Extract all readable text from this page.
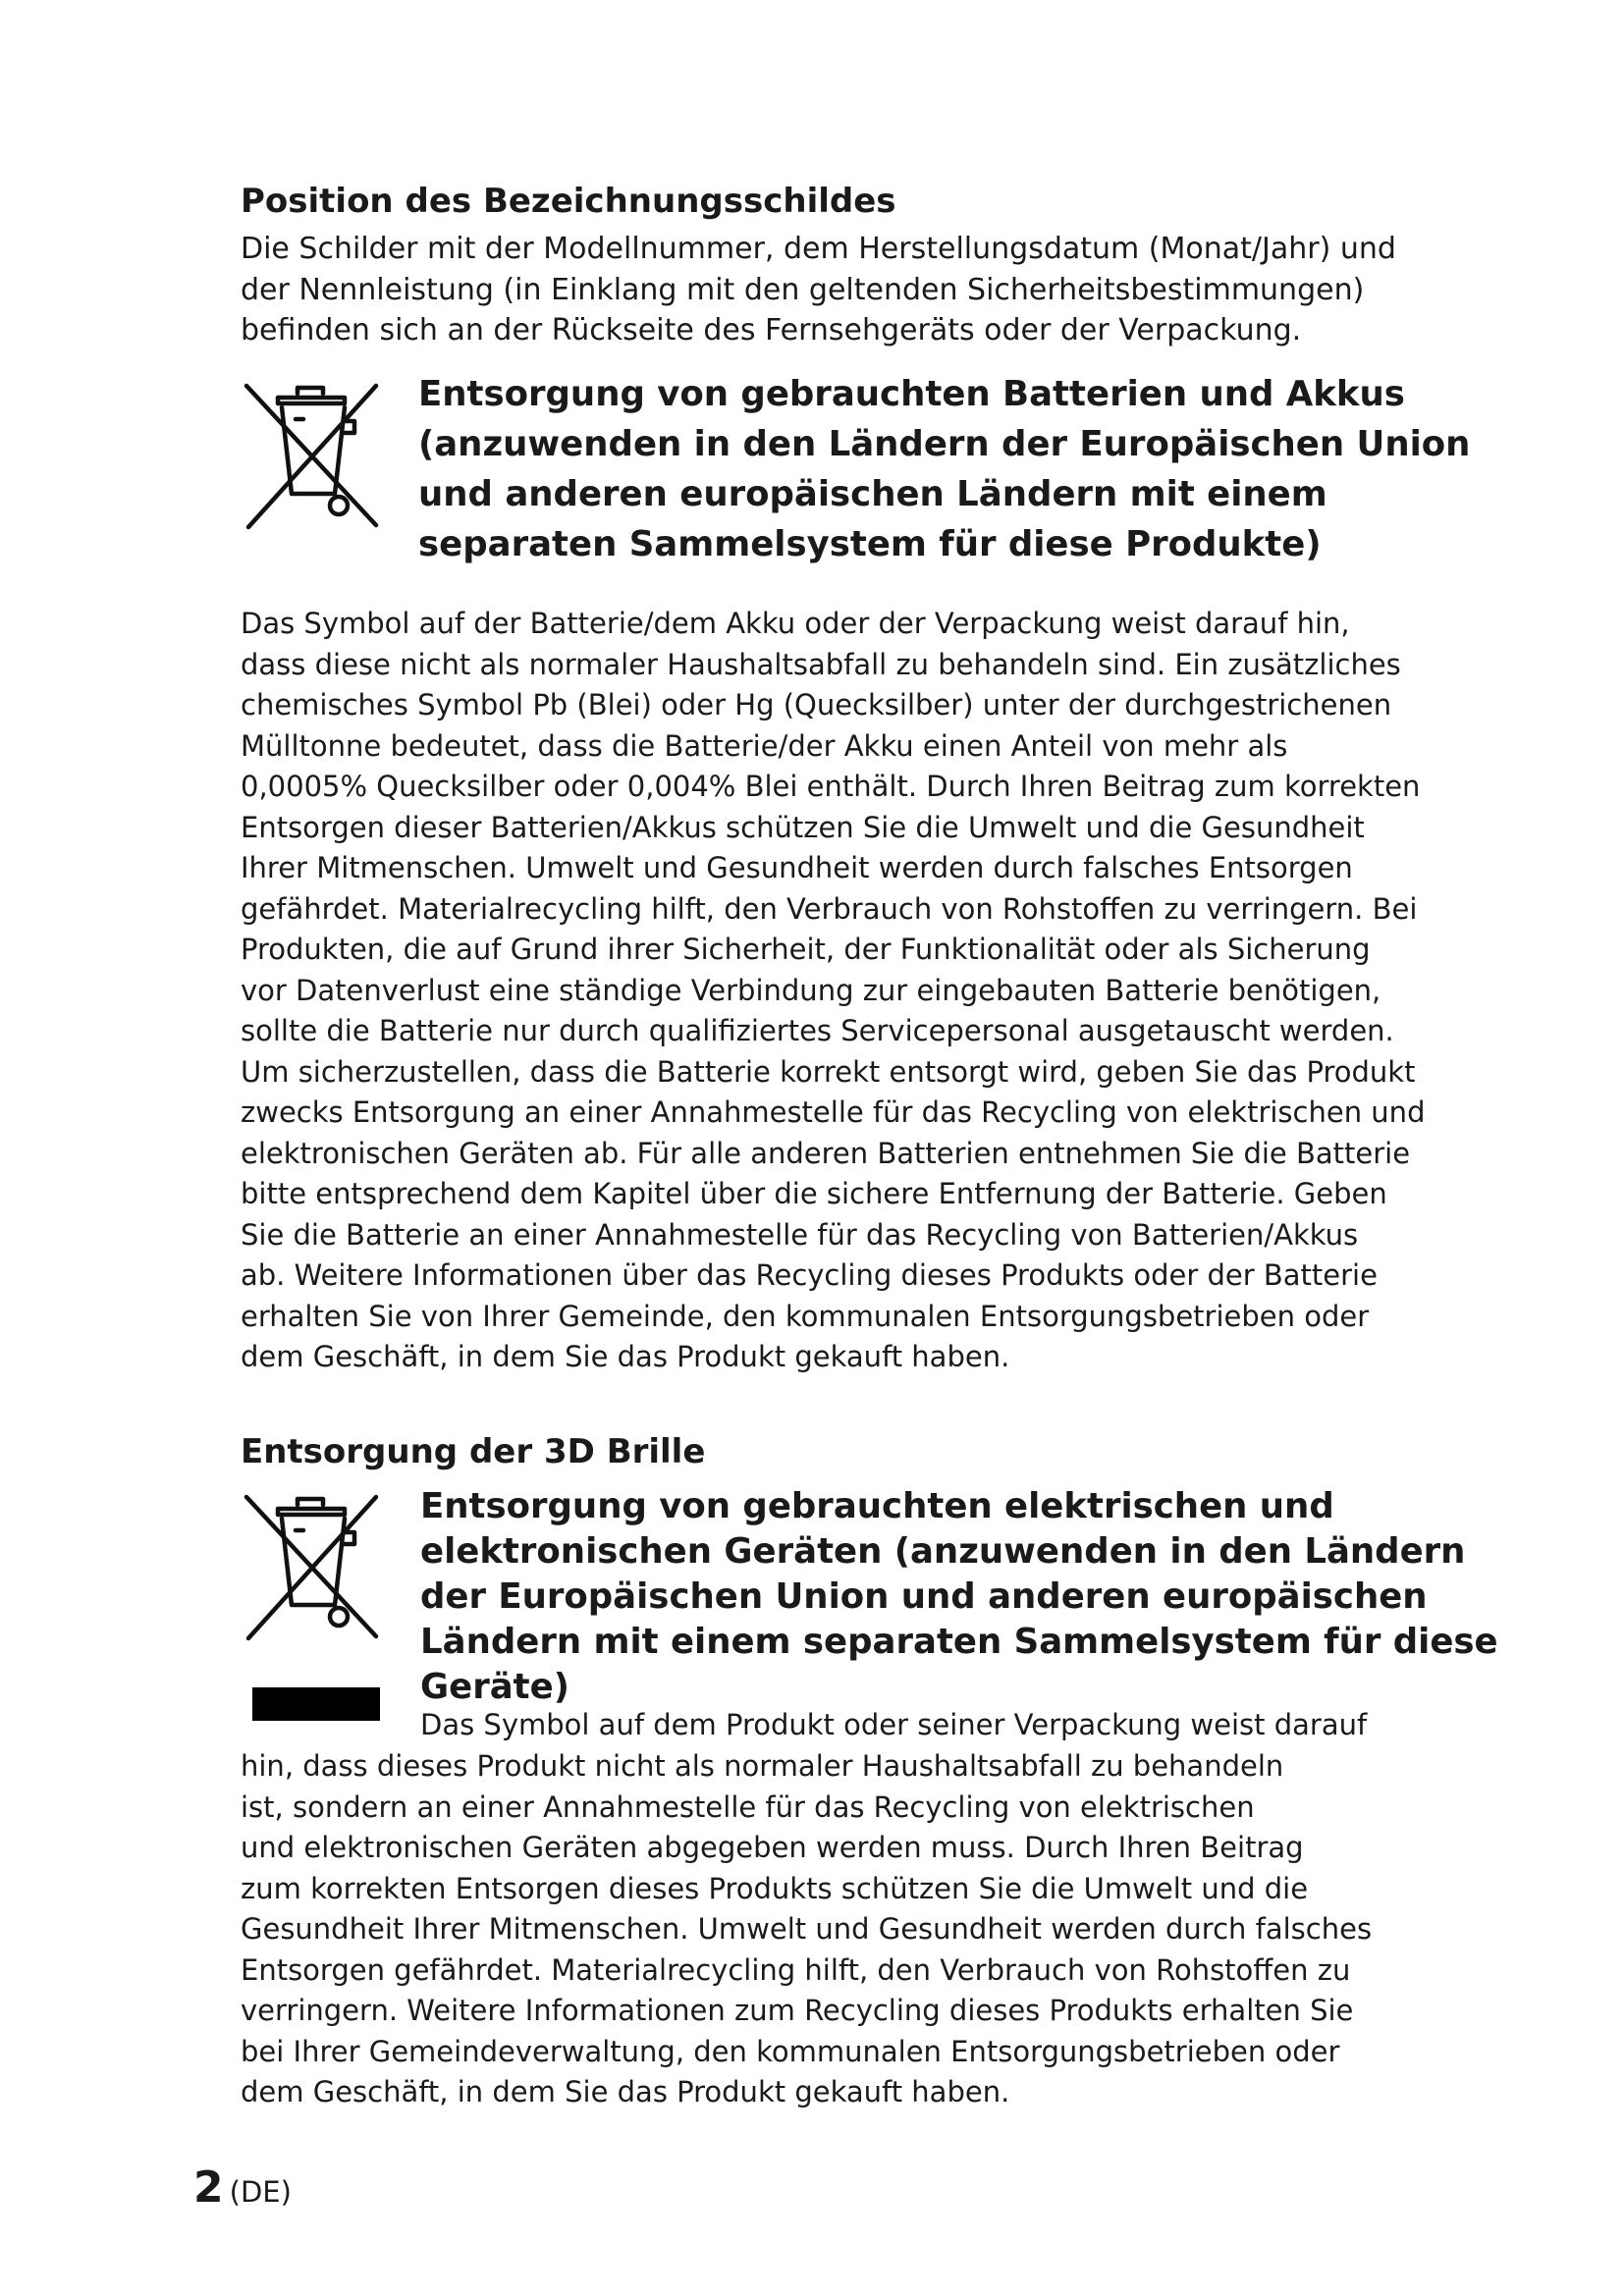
Position des Bezeichnungsschildes

Die Schilder mit der Modellnummer, dem Herstellungsdatum (Monat/Jahr) und
der Nennleistung (in Einklang mit den geltenden Sicherheitsbestimmungen)
befinden sich an der Rückseite des Fernsehgeräts oder der Verpackung.

Entsorgung von gebrauchten Batterien und Akkus
(anzuwenden in den Ländern der Europäischen Union
und anderen europäischen Ländern mit einem
separaten Sammelsystem für diese Produkte)

Das Symbol auf der Batterie/dem Akku oder der Verpackung weist darauf hin,
dass diese nicht als normaler Haushaltsabfall zu behandeln sind. Ein zusätzliches
chemisches Symbol Pb (Blei) oder Hg (Quecksilber) unter der durchgestrichenen
Mülltonne bedeutet, dass die Batterie/der Akku einen Anteil von mehr als
0,0005% Quecksilber oder 0,004% Blei enthält. Durch Ihren Beitrag zum korrekten
Entsorgen dieser Batterien/Akkus schützen Sie die Umwelt und die Gesundheit
Ihrer Mitmenschen. Umwelt und Gesundheit werden durch falsches Entsorgen
gefährdet. Materialrecycling hilft, den Verbrauch von Rohstoffen zu verringern. Bei
Produkten, die auf Grund ihrer Sicherheit, der Funktionalität oder als Sicherung
vor Datenverlust eine ständige Verbindung zur eingebauten Batterie benötigen,
sollte die Batterie nur durch qualifiziertes Servicepersonal ausgetauscht werden.
Um sicherzustellen, dass die Batterie korrekt entsorgt wird, geben Sie das Produkt
zwecks Entsorgung an einer Annahmestelle für das Recycling von elektrischen und
elektronischen Geräten ab. Für alle anderen Batterien entnehmen Sie die Batterie
bitte entsprechend dem Kapitel über die sichere Entfernung der Batterie. Geben
Sie die Batterie an einer Annahmestelle für das Recycling von Batterien/Akkus
ab. Weitere Informationen über das Recycling dieses Produkts oder der Batterie
erhalten Sie von Ihrer Gemeinde, den kommunalen Entsorgungsbetrieben oder
dem Geschäft, in dem Sie das Produkt gekauft haben.

Entsorgung der 3D Brille
Entsorgung von gebrauchten elektrischen und
elektronischen Geräten (anzuwenden in den Ländern
der Europäischen Union und anderen europäischen
Ländern mit einem separaten Sammelsystem für diese
Geräte)

Das Symbol auf dem Produkt oder seiner Verpackung weist darauf

hin, dass dieses Produkt nicht als normaler Haushaltsabfall zu behandeln
ist, sondern an einer Annahmestelle für das Recycling von elektrischen
und elektronischen Geräten abgegeben werden muss. Durch Ihren Beitrag
zum korrekten Entsorgen dieses Produkts schützen Sie die Umwelt und die
Gesundheit Ihrer Mitmenschen. Umwelt und Gesundheit werden durch falsches
Entsorgen gefährdet. Materialrecycling hilft, den Verbrauch von Rohstoffen zu
verringern. Weitere Informationen zum Recycling dieses Produkts erhalten Sie
bei Ihrer Gemeindeverwaltung, den kommunalen Entsorgungsbetrieben oder
dem Geschäft, in dem Sie das Produkt gekauft haben.

2 (DE)
